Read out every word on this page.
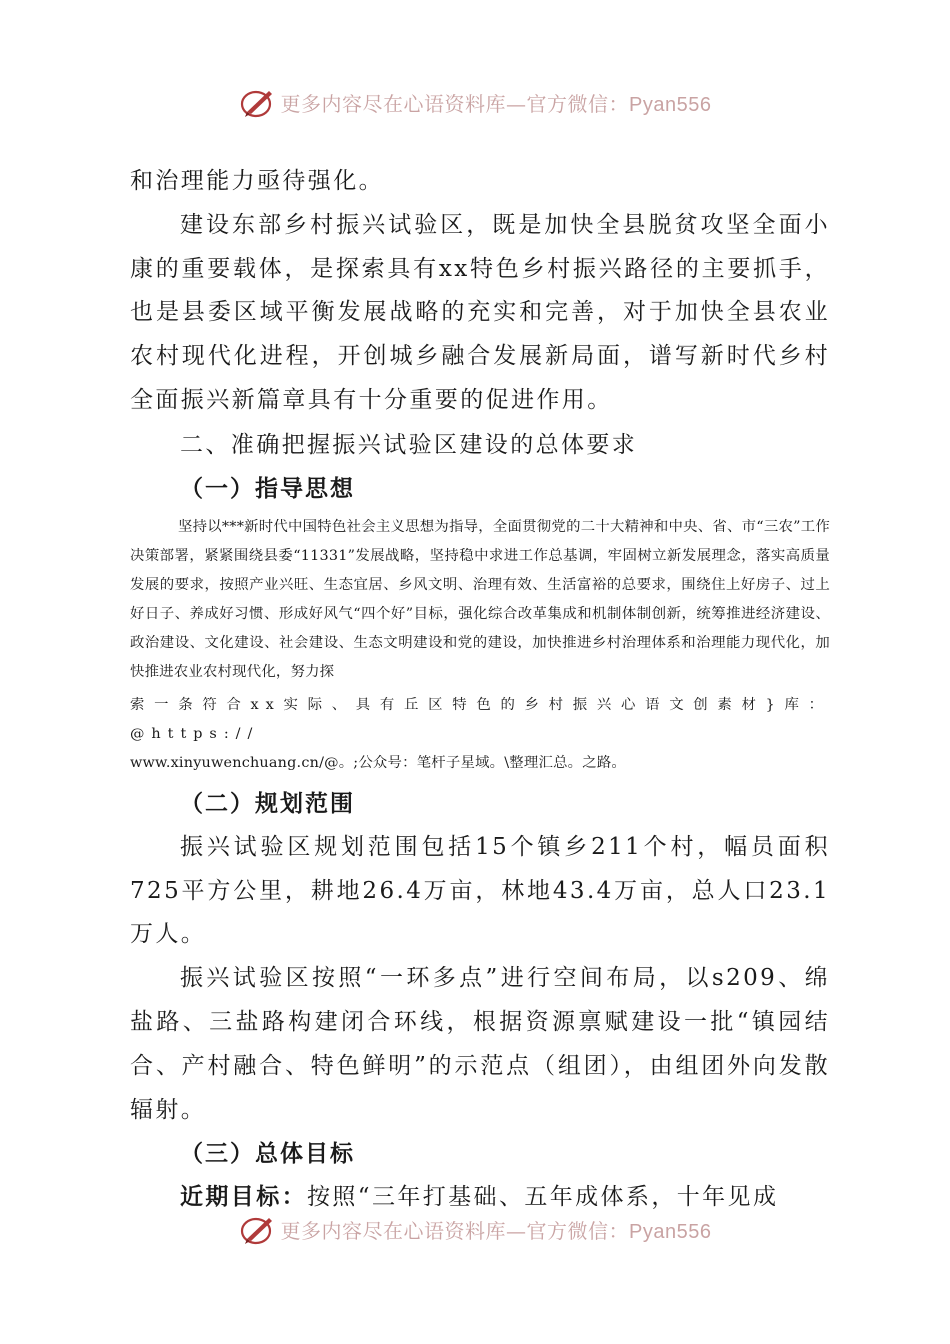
更多内容尽在心语资料库—官方微信：Pyan556

和治理能力亟待强化。

建设东部乡村振兴试验区，既是加快全县脱贫攻坚全面小康的重要载体，是探索具有xx特色乡村振兴路径的主要抓手，也是县委区域平衡发展战略的充实和完善，对于加快全县农业农村现代化进程，开创城乡融合发展新局面，谱写新时代乡村全面振兴新篇章具有十分重要的促进作用。

二、准确把握振兴试验区建设的总体要求

（一）指导思想

坚持以***新时代中国特色社会主义思想为指导，全面贯彻党的二十大精神和中央、省、市“三农”工作决策部署，紧紧围绕县委“11331”发展战略，坚持稳中求进工作总基调，牢固树立新发展理念，落实高质量发展的要求，按照产业兴旺、生态宜居、乡风文明、治理有效、生活富裕的总要求，围绕住上好房子、过上好日子、养成好习惯、形成好风气“四个好”目标，强化综合改革集成和机制体制创新，统筹推进经济建设、政治建设、文化建设、社会建设、生态文明建设和党的建设，加快推进乡村治理体系和治理能力现代化，加快推进农业农村现代化，努力探

索一条符合xx实际、具有丘区特色的乡村振兴心语文创素材}库：@https://

www.xinyuwenchuang.cn/@。;公众号：笔杆子星域。\整理汇总。之路。

（二）规划范围

振兴试验区规划范围包括15个镇乡211个村，幅员面积725平方公里，耕地26.4万亩，林地43.4万亩，总人口23.1万人。

振兴试验区按照“一环多点”进行空间布局，以s209、绵盐路、三盐路构建闭合环线，根据资源禀赋建设一批“镇园结合、产村融合、特色鲜明”的示范点（组团），由组团外向发散辐射。

（三）总体目标

近期目标：按照“三年打基础、五年成体系，十年见成

更多内容尽在心语资料库—官方微信：Pyan556
